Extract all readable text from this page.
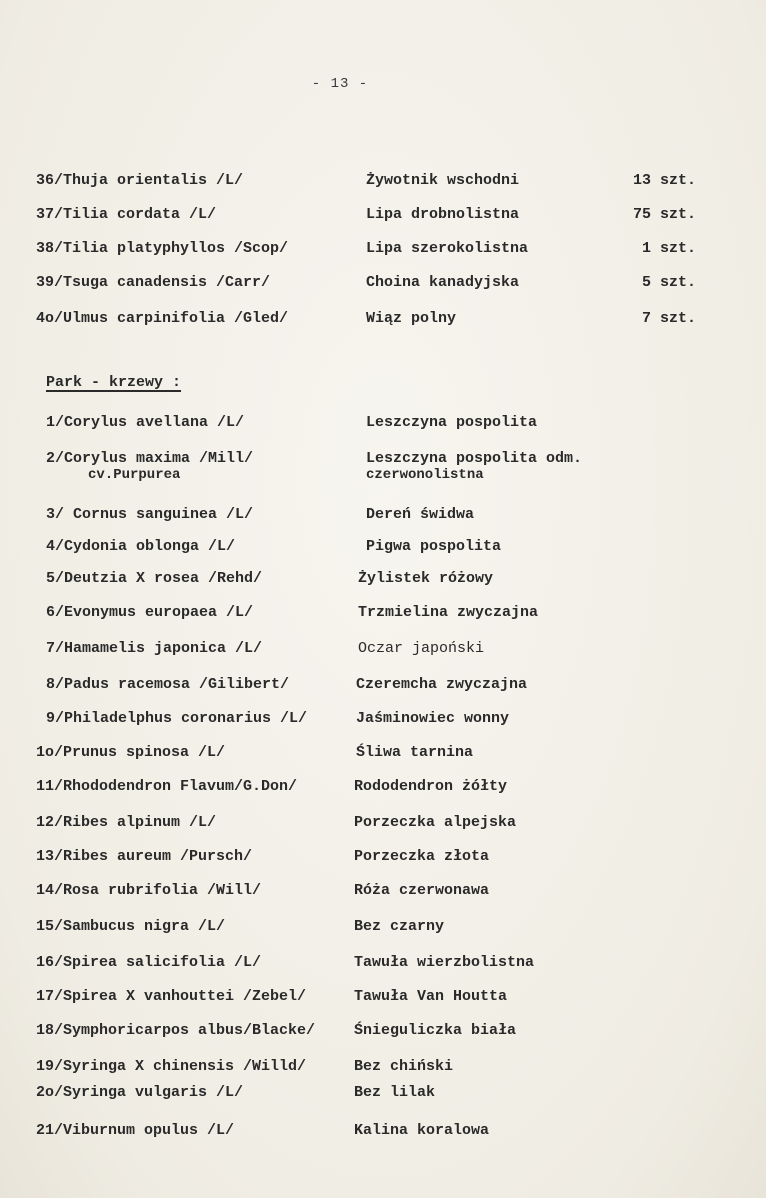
- 13 -
36/Thuja orientalis /L/	Żywotnik wschodni	13 szt.
37/Tilia cordata /L/	Lipa drobnolistna	75 szt.
38/Tilia platyphyllos /Scop/	Lipa szerokolistna	1 szt.
39/Tsuga canadensis /Carr/	Choina kanadyjska	5 szt.
4o/Ulmus carpinifolia /Gled/	Wiąz polny	7 szt.
Park - krzewy :
1/Corylus avellana /L/	Leszczyna pospolita
2/Corylus maxima /Mill/	Leszczyna pospolita odm.
cv.Purpurea	czerwonolistna
3/ Cornus sanguinea /L/	Dereń świdwa
4/Cydonia oblonga /L/	Pigwa pospolita
5/Deutzia X rosea /Rehd/	Żylistek różowy
6/Evonymus europaea /L/	Trzmielina zwyczajna
7/Hamamelis japonica /L/	Oczar japoński
8/Padus racemosa /Gilibert/	Czeremcha zwyczajna
9/Philadelphus coronarius /L/	Jaśminowiec wonny
1o/Prunus spinosa /L/	Śliwa tarnina
11/Rhododendron Flavum/G.Don/	Rododendron żółty
12/Ribes alpinum /L/	Porzeczka alpejska
13/Ribes aureum /Pursch/	Porzeczka złota
14/Rosa rubrifolia /Will/	Róża czerwonawa
15/Sambucus nigra /L/	Bez czarny
16/Spirea salicifolia /L/	Tawuła wierzbolistna
17/Spirea X vanhouttei /Zebel/	Tawuła Van Houtta
18/Symphoricarpos albus/Blacke/	Śnieguliczka biała
19/Syringa X chinensis /Willd/	Bez chiński
2o/Syringa vulgaris /L/	Bez lilak
21/Viburnum opulus /L/	Kalina koralowa
